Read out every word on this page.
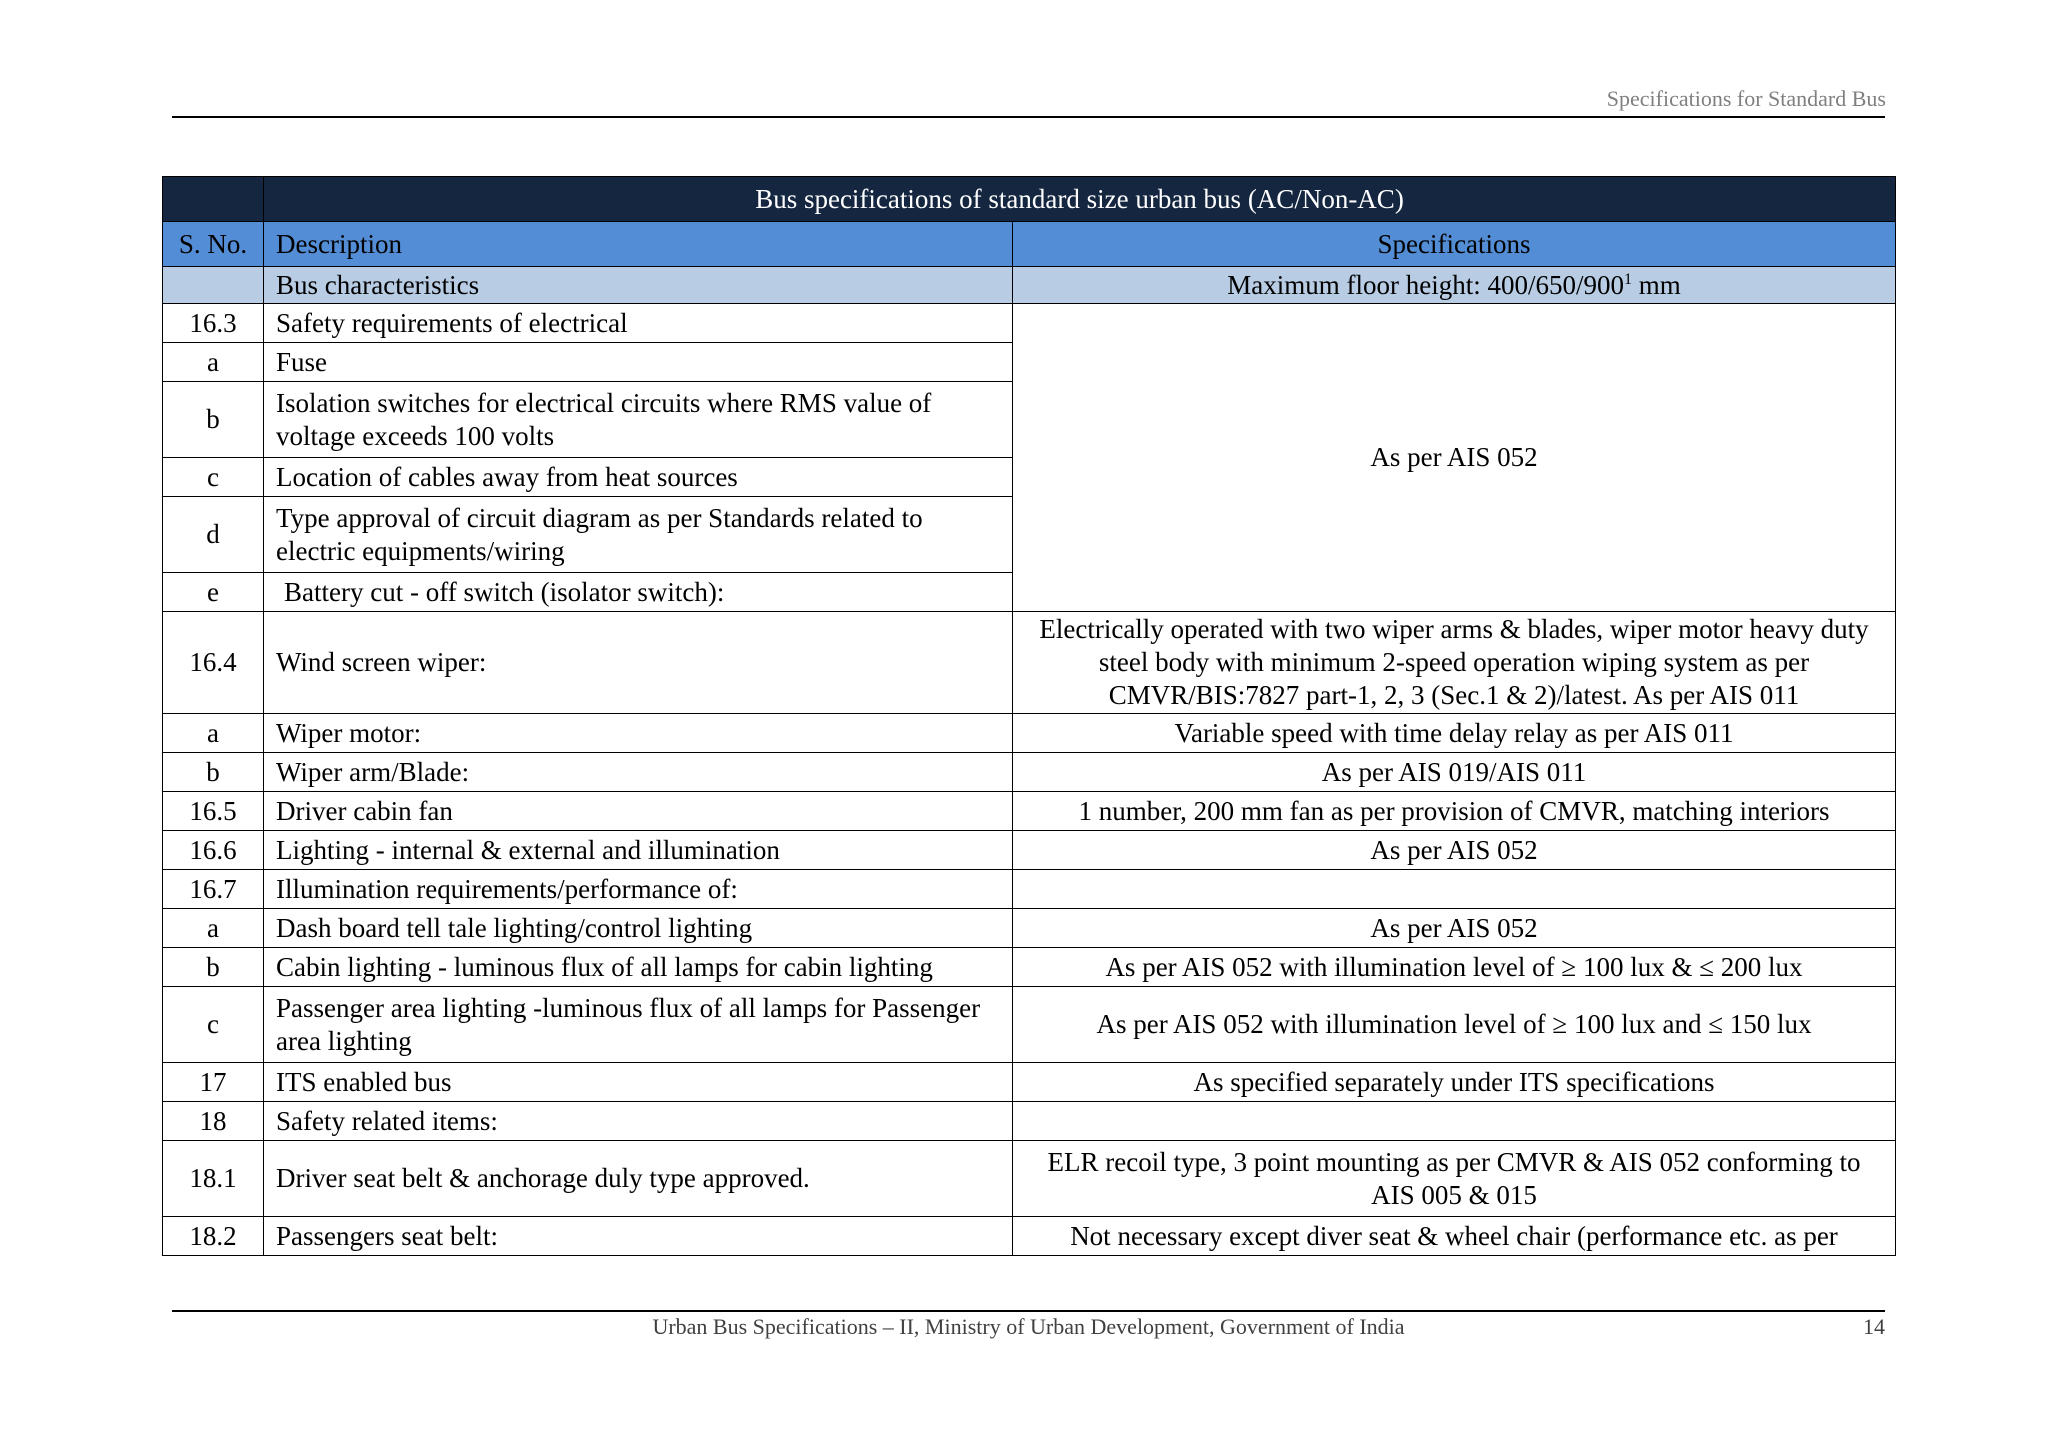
Specifications for Standard Bus
	Bus specifications of standard size urban bus (AC/Non-AC)	
S. No.	Description	Specifications
	Bus characteristics	Maximum floor height: $400/650/900^1$ mm
16.3	Safety requirements of electrical	As per AIS 052
a	Fuse	
b	Isolation switches for electrical circuits where RMS value of voltage exceeds 100 volts	
c	Location of cables away from heat sources	
d	Type approval of circuit diagram as per Standards related to electric equipments/wiring	
e	Battery cut - off switch (isolator switch):	
16.4	Wind screen wiper:	Electrically operated with two wiper arms & blades, wiper motor heavy duty steel body with minimum 2-speed operation wiping system as per CMVR/BIS:7827 part-1, 2, 3 (Sec.1 & 2)/latest. As per AIS 011
a	Wiper motor:	Variable speed with time delay relay as per AIS 011
b	Wiper arm/Blade:	As per AIS 019/AIS 011
16.5	Driver cabin fan	1 number, 200 mm fan as per provision of CMVR, matching interiors
16.6	Lighting - internal & external and illumination	As per AIS 052
16.7	Illumination requirements/performance of:	
a	Dash board tell tale lighting/control lighting	As per AIS 052
b	Cabin lighting - luminous flux of all lamps for cabin lighting	As per AIS 052 with illumination level of ≥ 100 lux & ≤ 200 lux
c	Passenger area lighting -luminous flux of all lamps for Passenger area lighting	As per AIS 052 with illumination level of ≥ 100 lux and ≤ 150 lux
17	ITS enabled bus	As specified separately under ITS specifications
18	Safety related items:	
18.1	Driver seat belt & anchorage duly type approved.	ELR recoil type, 3 point mounting as per CMVR & AIS 052 conforming to AIS 005 & 015
18.2	Passengers seat belt:	Not necessary except diver seat & wheel chair (performance etc. as per
Urban Bus Specifications – II, Ministry of Urban Development, Government of India	14
